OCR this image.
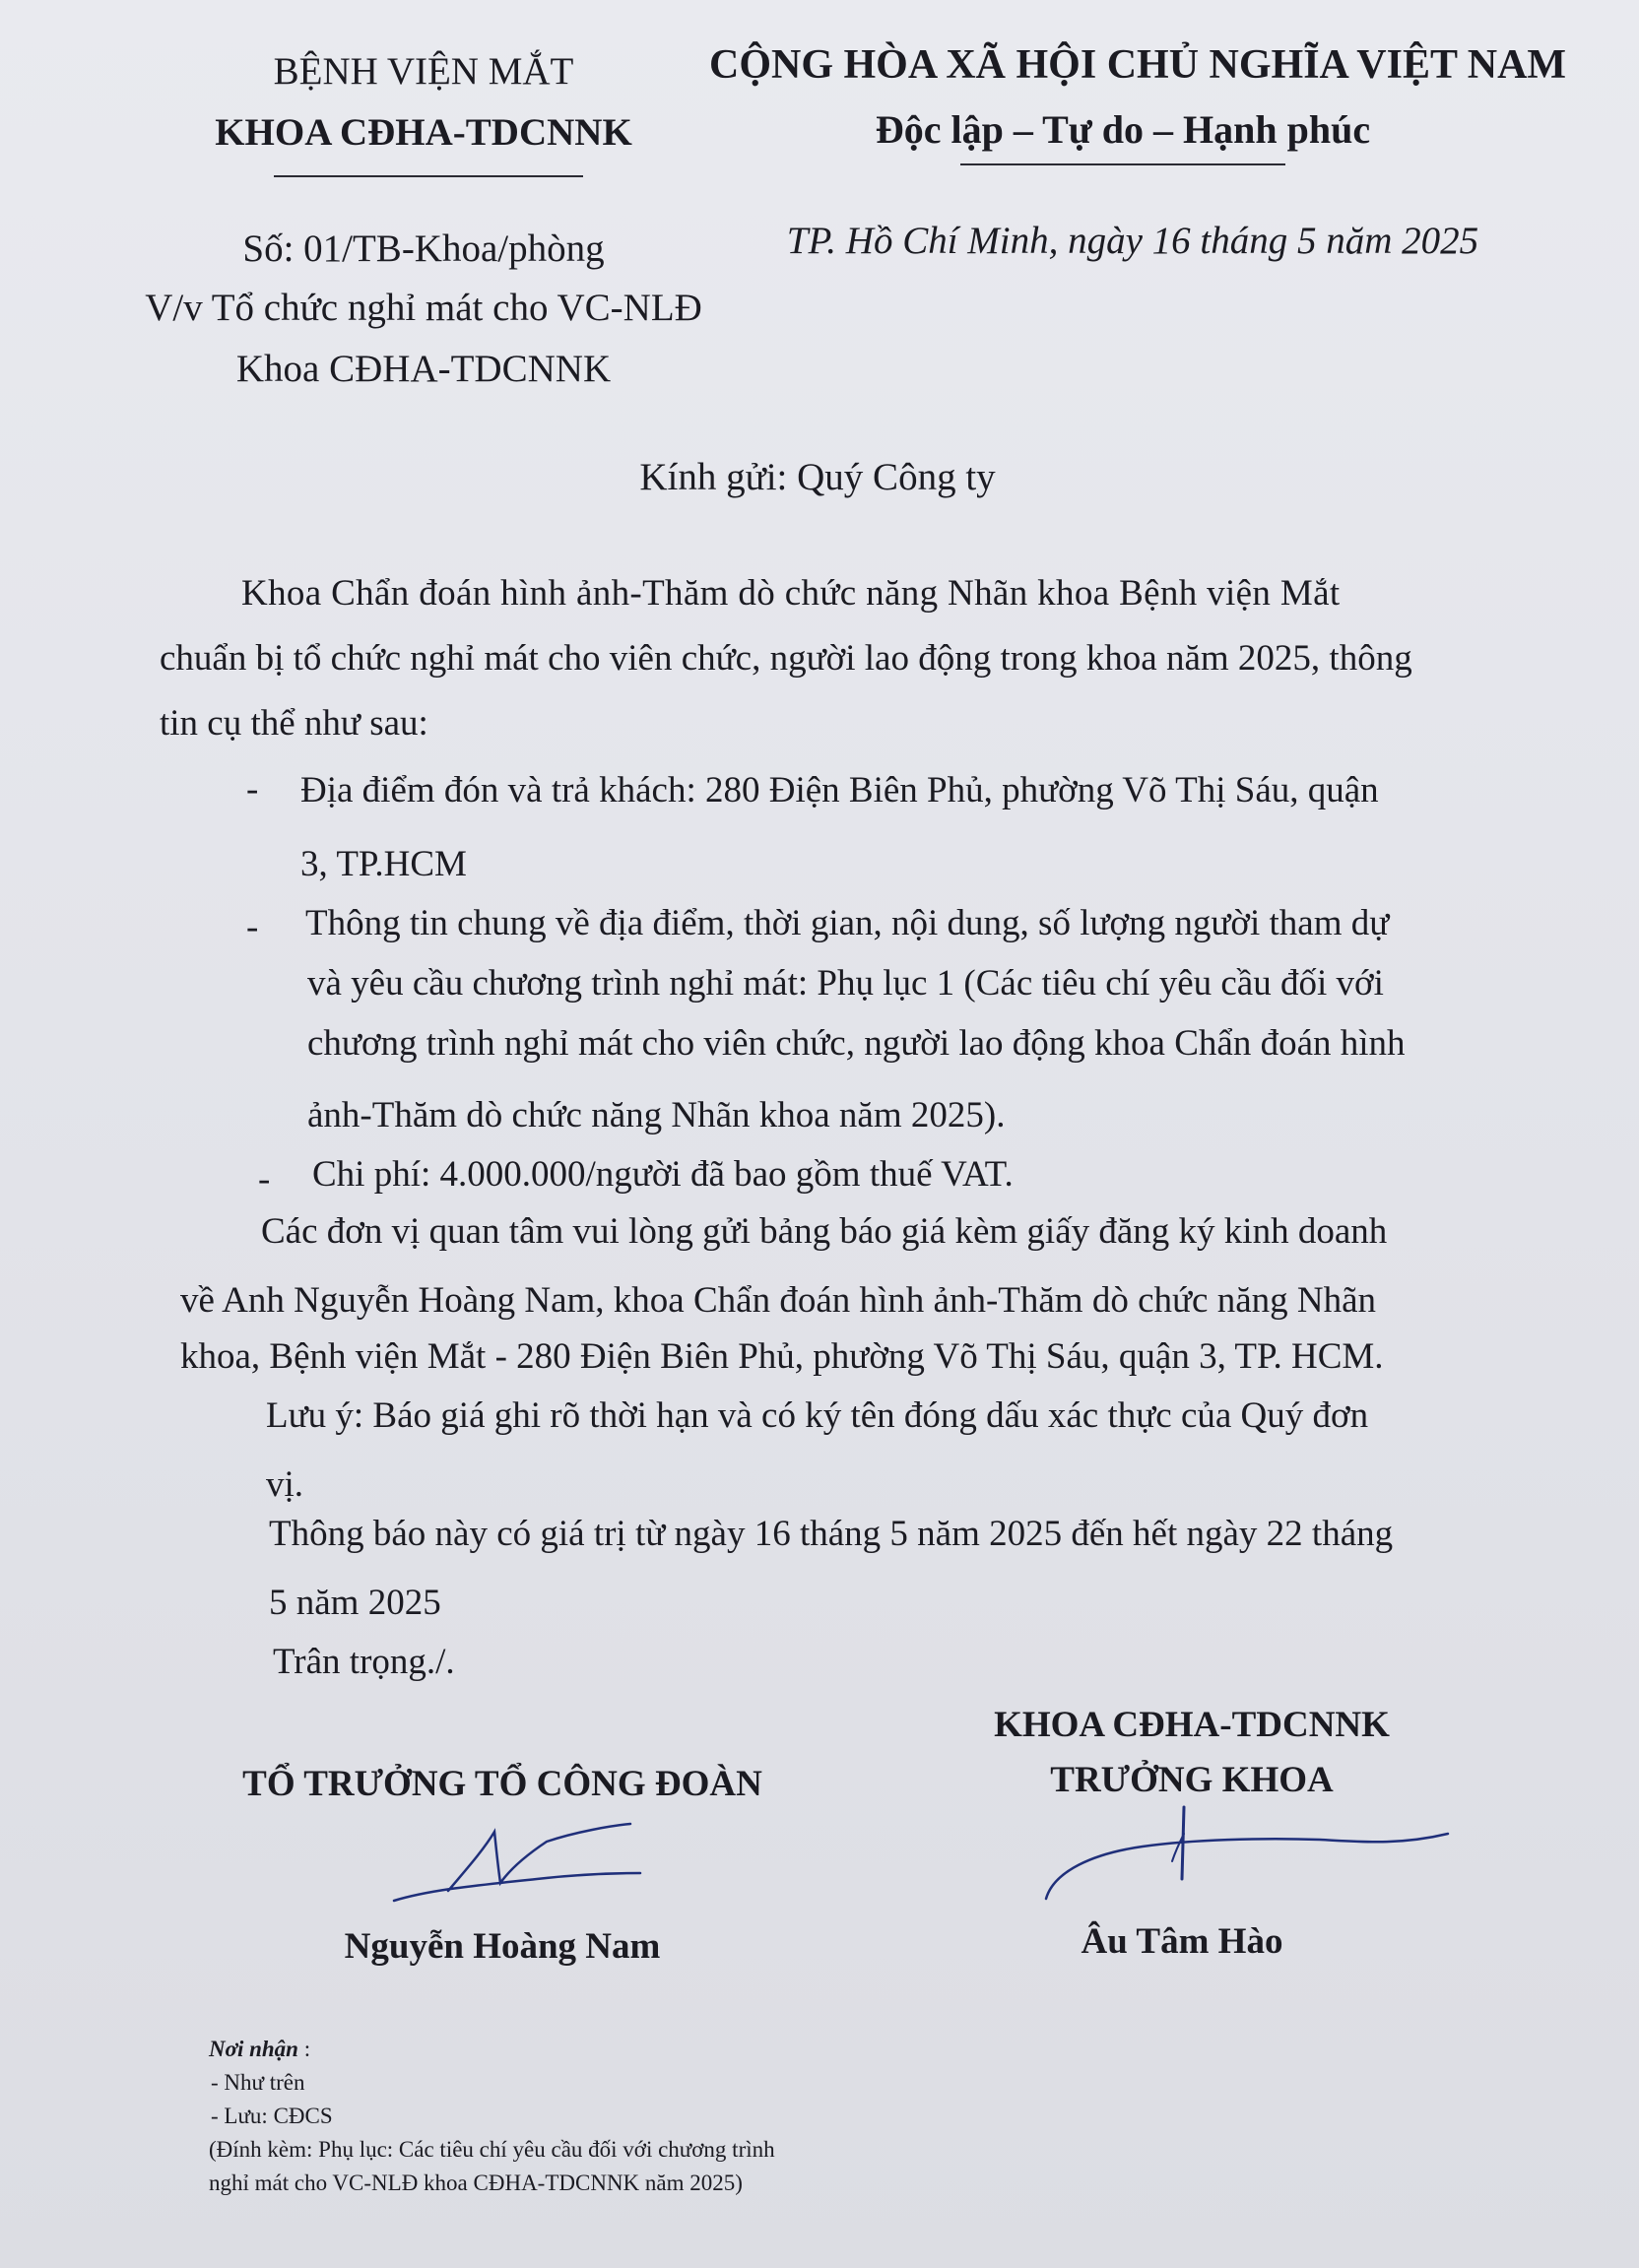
BỆNH VIỆN MẮT
KHOA CĐHA-TDCNNK
Số: 01/TB-Khoa/phòng
V/v Tổ chức nghỉ mát cho VC-NLĐ
Khoa CĐHA-TDCNNK
CỘNG HÒA XÃ HỘI CHỦ NGHĨA VIỆT NAM
Độc lập – Tự do – Hạnh phúc
TP. Hồ Chí Minh, ngày 16 tháng 5 năm 2025
Kính gửi: Quý Công ty
Khoa Chẩn đoán hình ảnh-Thăm dò chức năng Nhãn khoa Bệnh viện Mắt
chuẩn bị tổ chức nghỉ mát cho viên chức, người lao động trong khoa năm 2025, thông
tin cụ thể như sau:
- Địa điểm đón và trả khách: 280 Điện Biên Phủ, phường Võ Thị Sáu, quận
3, TP.HCM
- Thông tin chung về địa điểm, thời gian, nội dung, số lượng người tham dự
và yêu cầu chương trình nghỉ mát: Phụ lục 1 (Các tiêu chí yêu cầu đối với
chương trình nghỉ mát cho viên chức, người lao động khoa Chẩn đoán hình
ảnh-Thăm dò chức năng Nhãn khoa năm 2025).
- Chi phí: 4.000.000/người đã bao gồm thuế VAT.
Các đơn vị quan tâm vui lòng gửi bảng báo giá kèm giấy đăng ký kinh doanh
về Anh Nguyễn Hoàng Nam, khoa Chẩn đoán hình ảnh-Thăm dò chức năng Nhãn
khoa, Bệnh viện Mắt - 280 Điện Biên Phủ, phường Võ Thị Sáu, quận 3, TP. HCM.
Lưu ý: Báo giá ghi rõ thời hạn và có ký tên đóng dấu xác thực của Quý đơn
vị.
Thông báo này có giá trị từ ngày 16 tháng 5 năm 2025 đến hết ngày 22 tháng
5 năm 2025
Trân trọng./.
KHOA CĐHA-TDCNNK
TRƯỞNG KHOA
TỔ TRƯỞNG TỔ CÔNG ĐOÀN
Nguyễn Hoàng Nam	Âu Tâm Hào
Nơi nhận :
- Như trên
- Lưu: CĐCS
(Đính kèm: Phụ lục: Các tiêu chí yêu cầu đối với chương trình
nghỉ mát cho VC-NLĐ khoa CĐHA-TDCNNK năm 2025)
